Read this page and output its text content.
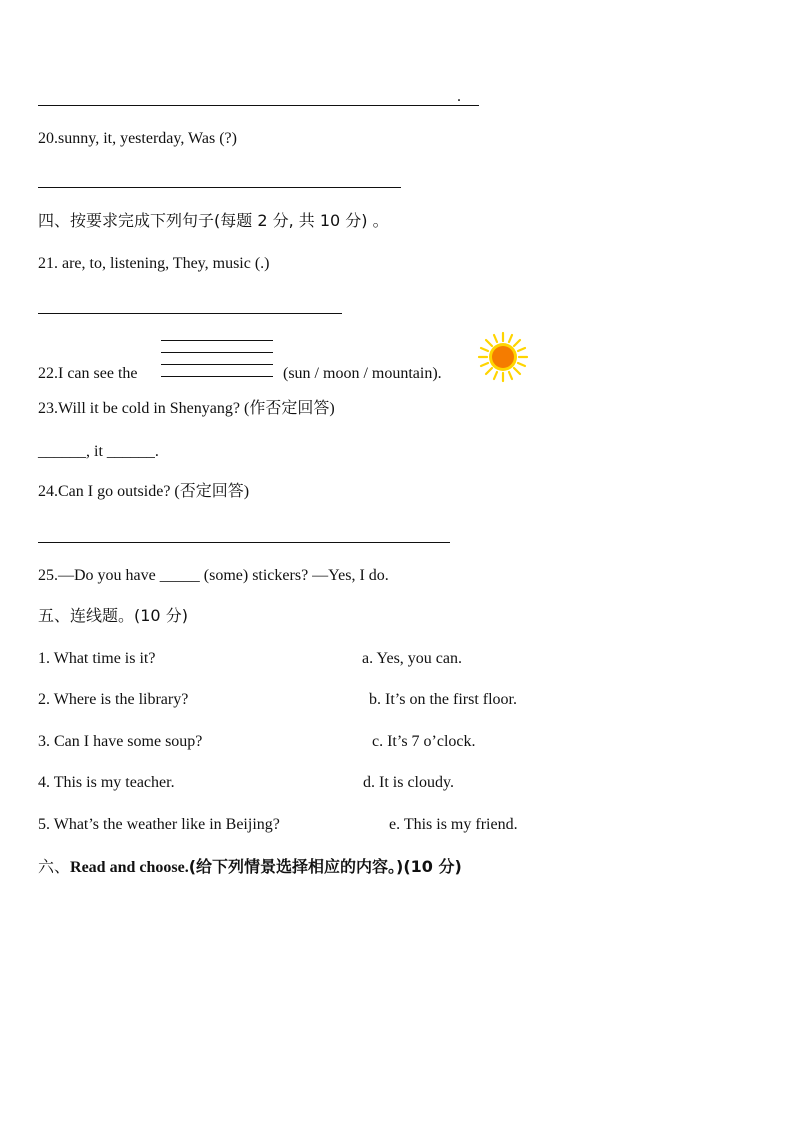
.
20.sunny, it, yesterday, Was (?)
四、按要求完成下列句子(每题 2 分, 共 10 分) 。
21. are, to, listening, They, music (.)
22.I can see the	(sun / moon / mountain).
23.Will it be cold in Shenyang? (作否定回答)
______, it ______.
24.Can I go outside? (否定回答)
25.—Do you have _____ (some) stickers? —Yes, I do.
五、连线题。(10 分)
1. What time is it?	a. Yes, you can.
2. Where is the library?	b. It’s on the first floor.
3. Can I have some soup?	c. It’s 7 o’clock.
4. This is my teacher.	d. It is cloudy.
5. What’s the weather like in Beijing?	e. This is my friend.
六、Read and choose.(给下列情景选择相应的内容。)(10 分)
